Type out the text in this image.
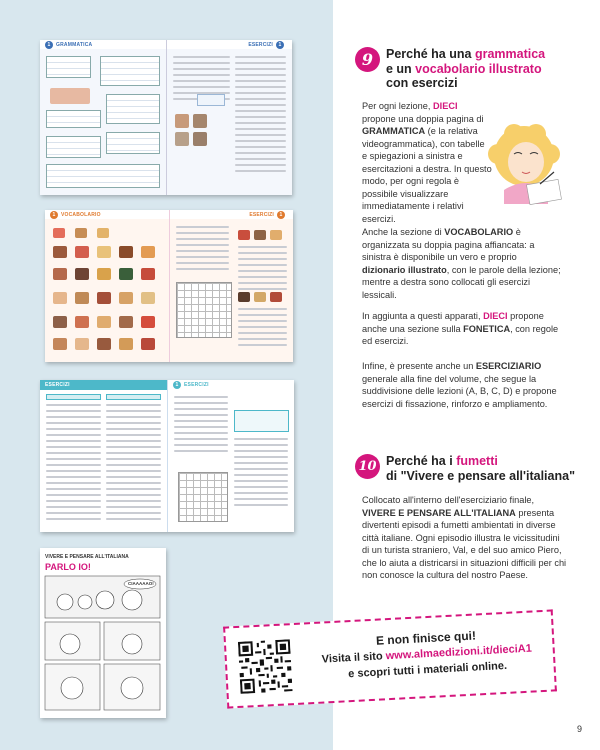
1	GRAMMATICA	ESERCIZI	1
1	VOCABOLARIO	ESERCIZI	1
ESERCIZI	1	ESERCIZI
VIVERE E PENSARE ALL'ITALIANA
PARLO IO!
CIAAAAAO!
9	Perché ha una grammatica
e un vocabolario illustrato
con esercizi
Per ogni lezione, DIECI propone una doppia pagina di GRAMMATICA (e la relativa videogrammatica), con tabelle e spiegazioni a sinistra e esercitazioni a destra. In questo modo, per ogni regola è possibile visualizzare immediatamente i relativi esercizi.
Anche la sezione di VOCABOLARIO è organizzata su doppia pagina affiancata: a sinistra è disponibile un vero e proprio dizionario illustrato, con le parole della lezione; mentre a destra sono collocati gli esercizi lessicali.
In aggiunta a questi apparati, DIECI propone anche una sezione sulla FONETICA, con regole ed esercizi.
Infine, è presente anche un ESERCIZIARIO generale alla fine del volume, che segue la suddivisione delle lezioni (A, B, C, D) e propone esercizi di fissazione, rinforzo e ampliamento.
10 Perché ha i fumetti
di "Vivere e pensare all'italiana"
Collocato all'interno dell'eserciziario finale, VIVERE E PENSARE ALL'ITALIANA presenta divertenti episodi a fumetti ambientati in diverse città italiane. Ogni episodio illustra le vicissitudini di un turista straniero, Val, e del suo amico Piero, che lo aiuta a districarsi in situazioni difficili per chi non conosce la cultura del nostro Paese.
E non finisce qui!
Visita il sito www.almaedizioni.it/dieciA1
e scopri tutti i materiali online.
9
